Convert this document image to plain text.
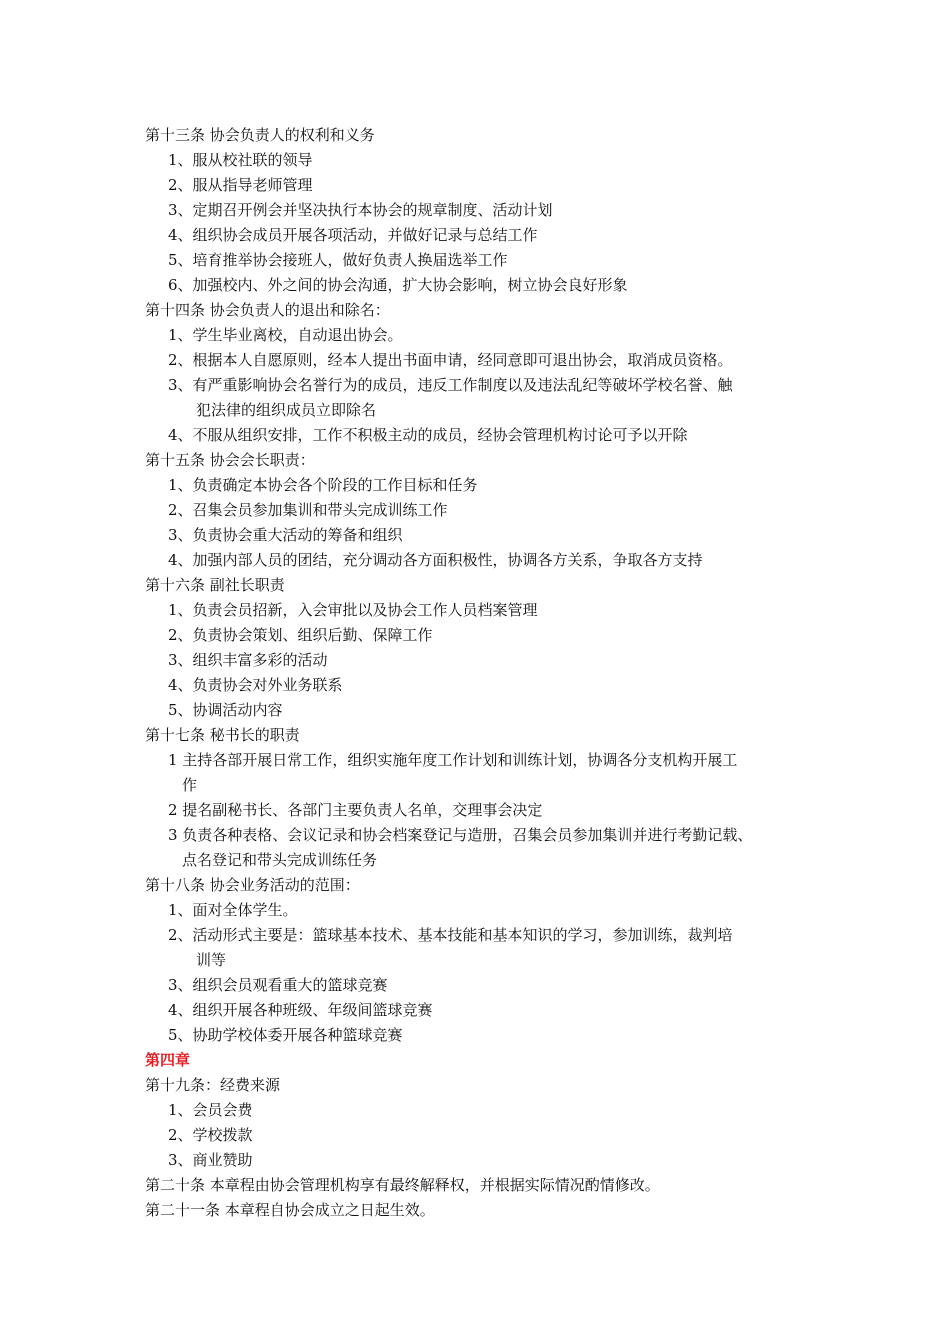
第十三条 协会负责人的权利和义务
1、服从校社联的领导
2、服从指导老师管理
3、定期召开例会并坚决执行本协会的规章制度、活动计划
4、组织协会成员开展各项活动，并做好记录与总结工作
5、培育推举协会接班人，做好负责人换届选举工作
6、加强校内、外之间的协会沟通，扩大协会影响，树立协会良好形象
第十四条 协会负责人的退出和除名：
1、学生毕业离校，自动退出协会。
2、根据本人自愿原则，经本人提出书面申请，经同意即可退出协会，取消成员资格。
3、有严重影响协会名誉行为的成员，违反工作制度以及违法乱纪等破坏学校名誉、触
犯法律的组织成员立即除名
4、不服从组织安排，工作不积极主动的成员，经协会管理机构讨论可予以开除
第十五条 协会会长职责：
1、负责确定本协会各个阶段的工作目标和任务
2、召集会员参加集训和带头完成训练工作
3、负责协会重大活动的筹备和组织
4、加强内部人员的团结，充分调动各方面积极性，协调各方关系，争取各方支持
第十六条 副社长职责
1、负责会员招新，入会审批以及协会工作人员档案管理
2、负责协会策划、组织后勤、保障工作
3、组织丰富多彩的活动
4、负责协会对外业务联系
5、协调活动内容
第十七条 秘书长的职责
1 主持各部开展日常工作，组织实施年度工作计划和训练计划，协调各分支机构开展工
作
2 提名副秘书长、各部门主要负责人名单，交理事会决定
3 负责各种表格、会议记录和协会档案登记与造册，召集会员参加集训并进行考勤记载、
点名登记和带头完成训练任务
第十八条 协会业务活动的范围：
1、面对全体学生。
2、活动形式主要是：篮球基本技术、基本技能和基本知识的学习，参加训练，裁判培
训等
3、组织会员观看重大的篮球竞赛
4、组织开展各种班级、年级间篮球竞赛
5、协助学校体委开展各种篮球竞赛
第四章
第十九条：经费来源
1、会员会费
2、学校拨款
3、商业赞助
第二十条 本章程由协会管理机构享有最终解释权，并根据实际情况酌情修改。
第二十一条 本章程自协会成立之日起生效。
